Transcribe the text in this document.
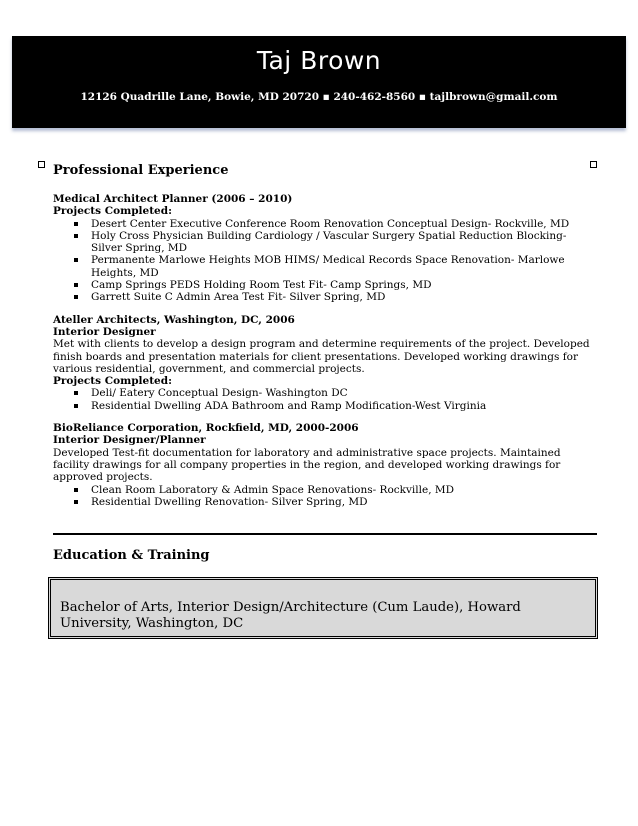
Taj Brown
12126 Quadrille Lane, Bowie, MD 20720 ▪ 240-462-8560 ▪ tajlbrown@gmail.com
Professional Experience
Medical Architect Planner (2006 – 2010)
Projects Completed:
Desert Center Executive Conference Room Renovation Conceptual Design- Rockville, MD
Holy Cross Physician Building Cardiology / Vascular Surgery Spatial Reduction Blocking- Silver Spring, MD
Permanente Marlowe Heights MOB HIMS/ Medical Records Space Renovation- Marlowe Heights, MD
Camp Springs PEDS Holding Room Test Fit- Camp Springs, MD
Garrett Suite C Admin Area Test Fit- Silver Spring, MD
Ateller Architects, Washington, DC, 2006
Interior Designer
Met with clients to develop a design program and determine requirements of the project. Developed finish boards and presentation materials for client presentations. Developed working drawings for various residential, government, and commercial projects.
Projects Completed:
Deli/ Eatery Conceptual Design- Washington DC
Residential Dwelling ADA Bathroom and Ramp Modification-West Virginia
BioReliance Corporation, Rockfield, MD, 2000-2006
Interior Designer/Planner
Developed Test-fit documentation for laboratory and administrative space projects. Maintained facility drawings for all company properties in the region, and developed working drawings for approved projects.
Clean Room Laboratory & Admin Space Renovations- Rockville, MD
Residential Dwelling Renovation- Silver Spring, MD
Education & Training
Bachelor of Arts, Interior Design/Architecture (Cum Laude), Howard University, Washington, DC
